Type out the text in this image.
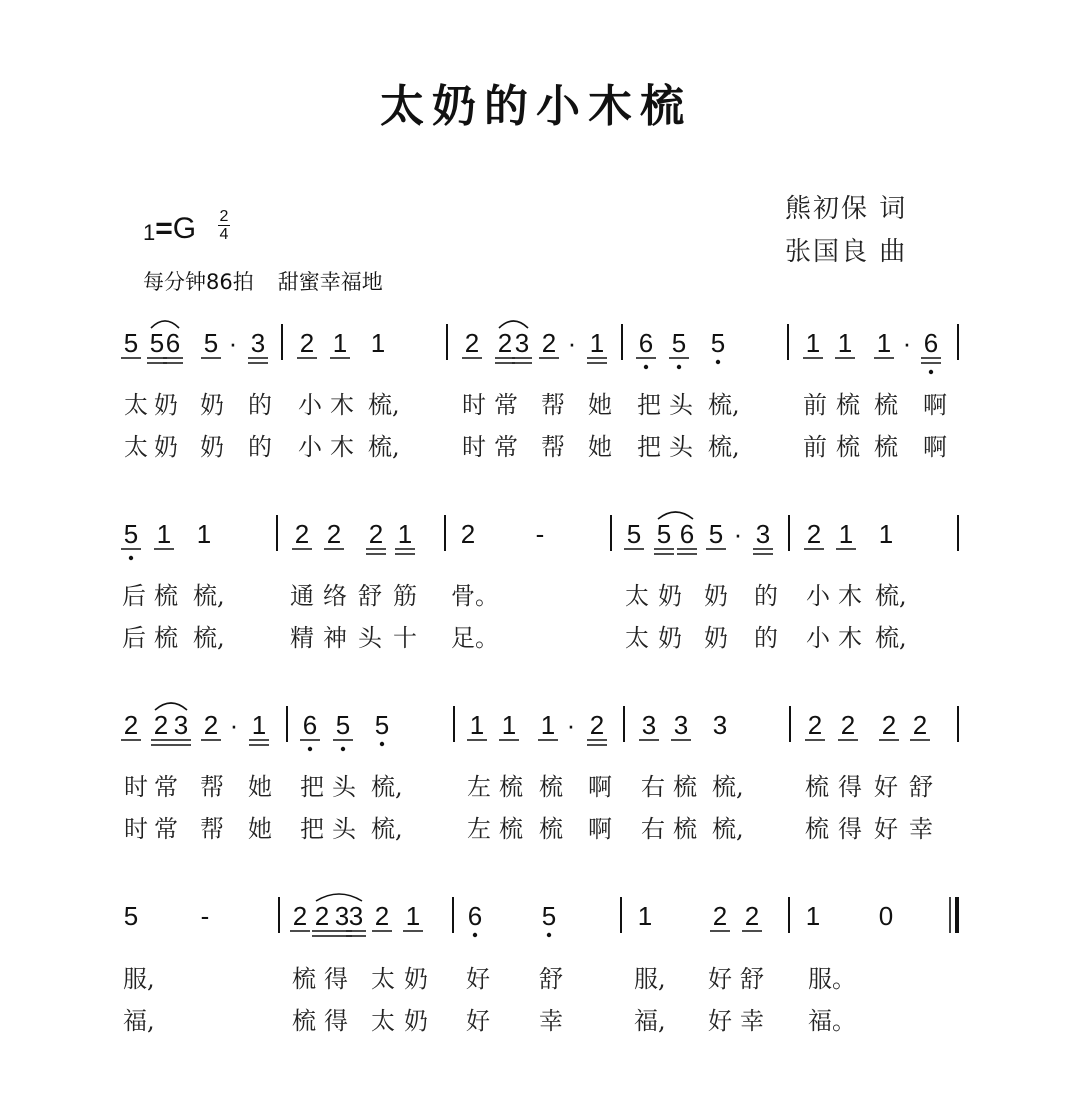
太奶的小木梳
熊初保 词
张国良 曲
1=G 2
4
每分钟86拍 甜蜜幸福地
5 5 6 5 · 3 2 1 1	2 2 3 2 · 1 6 5 5	1 1 1 · 6
太 奶 奶 的 小 木 梳,	时 常 帮 她 把 头 梳,	前 梳 梳 啊
太 奶 奶 的 小 木 梳,	时 常 帮 她 把 头 梳,	前 梳 梳 啊
5 1 1	2 2 2 1 2 -	5 5 6 5 · 3 2 1 1
后 梳 梳,	通 络 舒 筋 骨。	太 奶 奶 的 小 木 梳,
后 梳 梳,	精 神 头 十 足。	太 奶 奶 的 小 木 梳,
2 2 3 2 · 1 6 5 5	1 1 1 · 2 3 3 3	2 2 2 2
时 常 帮 她 把 头 梳,	左 梳 梳 啊 右 梳 梳,	梳 得 好 舒
时 常 帮 她 把 头 梳,	左 梳 梳 啊 右 梳 梳,	梳 得 好 幸
5 -	2 2 3 3 2 1 6 5	1 2 2 1 0
服,	梳 得 太 奶 好 舒	服, 好 舒 服。
福,	梳 得 太 奶 好 幸	福, 好 幸 福。
